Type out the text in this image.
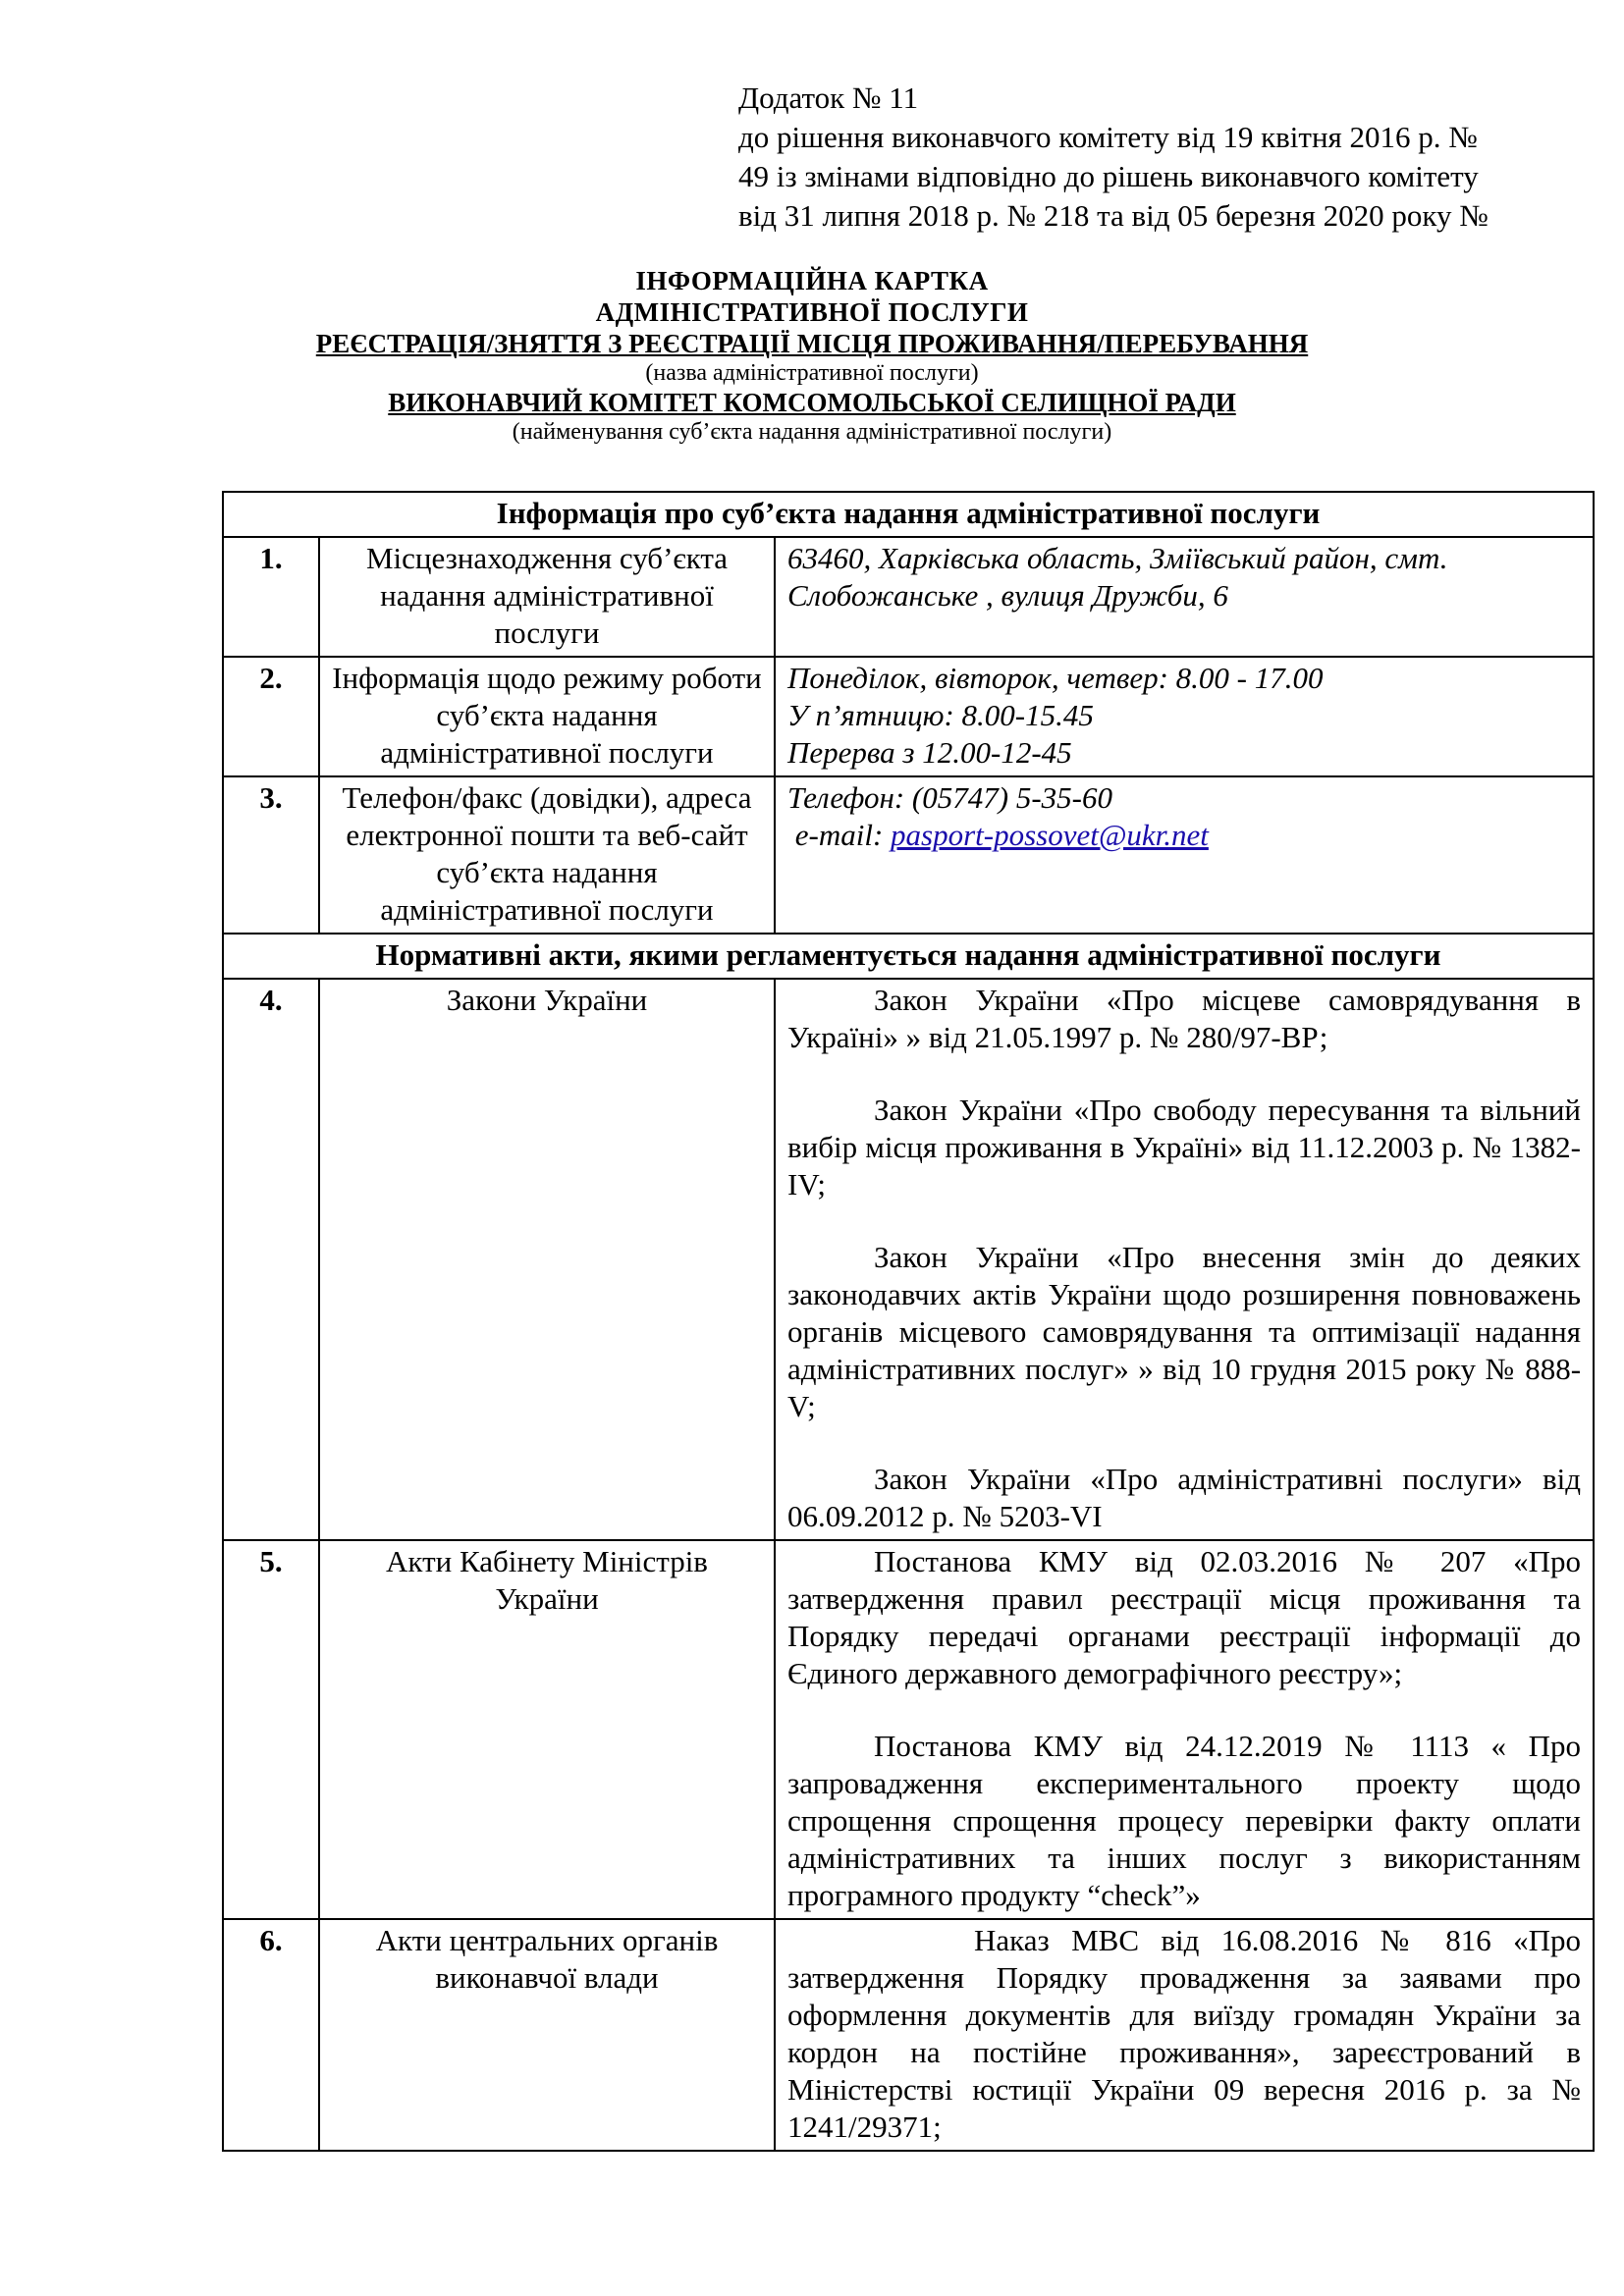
Додаток № 11
до рішення виконавчого комітету від 19 квітня 2016 р. №
49 із змінами відповідно до рішень виконавчого комітету
від 31 липня 2018 р. № 218 та від 05 березня 2020 року №
ІНФОРМАЦІЙНА КАРТКА
АДМІНІСТРАТИВНОЇ ПОСЛУГИ
РЕЄСТРАЦІЯ/ЗНЯТТЯ З РЕЄСТРАЦІЇ МІСЦЯ ПРОЖИВАННЯ/ПЕРЕБУВАННЯ
(назва адміністративної послуги)
ВИКОНАВЧИЙ КОМІТЕТ КОМСОМОЛЬСЬКОЇ СЕЛИЩНОЇ РАДИ
(найменування суб’єкта надання адміністративної послуги)
Інформація про суб’єкта надання адміністративної послуги		
1.	Місцезнаходження суб’єкта надання адміністративної послуги	63460, Харківська область, Зміївський район, смт. Слобожанське , вулиця Дружби, 6
2.	Інформація щодо режиму роботи суб’єкта надання адміністративної послуги	Понеділок, вівторок, четвер: 8.00 - 17.00
У п’ятницю: 8.00-15.45
Перерва з 12.00-12-45

3.	Телефон/факс (довідки), адреса електронної пошти та веб-сайт суб’єкта надання адміністративної послуги	Телефон: (05747) 5-35-60
e-mail: pasport-possovet@ukr.net

Нормативні акти, якими регламентується надання адміністративної послуги		
4.	Закони України	Закон України «Про місцеве самоврядування в Україні» » від 21.05.1997 р. № 280/97-ВР;
Закон України «Про свободу пересування та вільний вибір місця проживання в Україні» від 11.12.2003 р. № 1382-IV;
Закон України «Про внесення змін до деяких законодавчих актів України щодо розширення повноважень органів місцевого самоврядування та оптимізації надання адміністративних послуг» » від 10 грудня 2015 року № 888-V;
Закон України «Про адміністративні послуги» від 06.09.2012 р. № 5203-VI

5.	Акти Кабінету Міністрів України	Постанова КМУ від 02.03.2016 № 207 «Про затвердження правил реєстрації місця проживання та Порядку передачі органами реєстрації інформації до Єдиного державного демографічного реєстру»;
Постанова КМУ від 24.12.2019 № 1113 « Про запровадження експериментального проекту щодо спрощення спрощення процесу перевірки факту оплати адміністративних та інших послуг з використанням програмного продукту “check”»

6.	Акти центральних органів виконавчої влади	Наказ МВС від 16.08.2016 № 816 «Про затвердження Порядку провадження за заявами про оформлення документів для виїзду громадян України за кордон на постійне проживання», зареєстрований в Міністерстві юстиції України 09 вересня 2016 р. за № 1241/29371;
